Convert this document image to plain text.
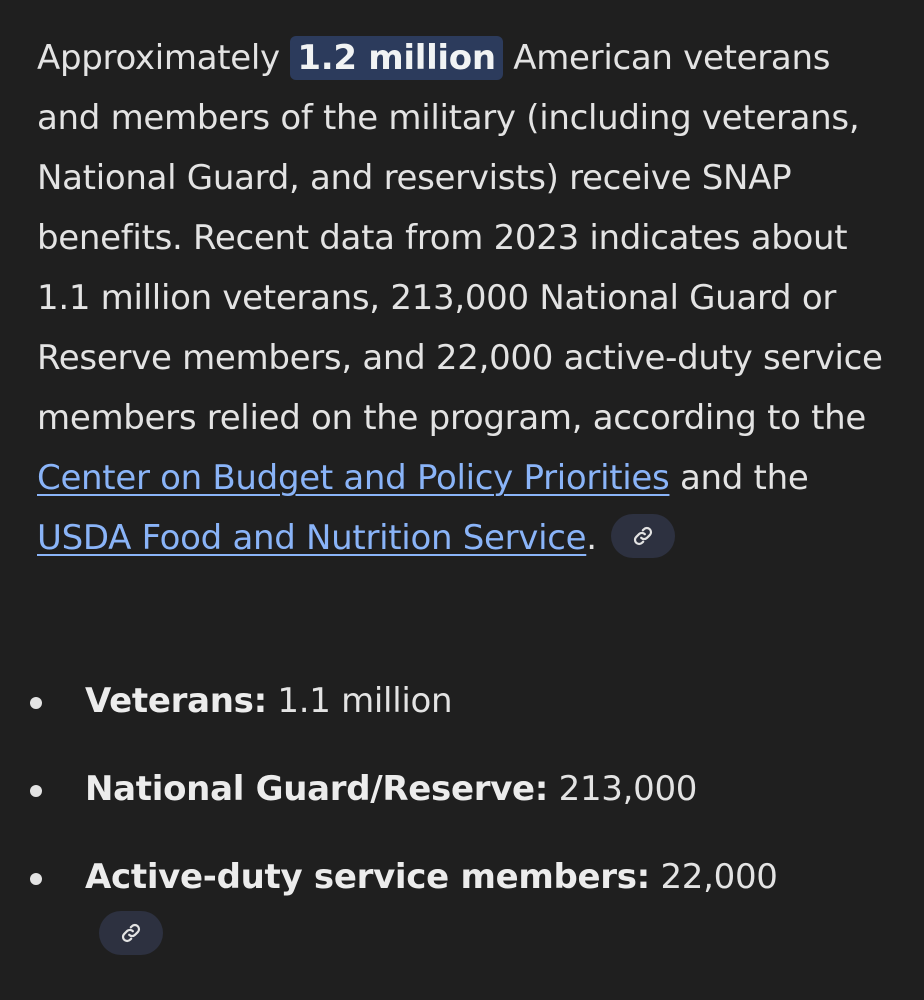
Approximately 1.2 million American veterans and members of the military (including veterans, National Guard, and reservists) receive SNAP benefits. Recent data from 2023 indicates about 1.1 million veterans, 213,000 National Guard or Reserve members, and 22,000 active-duty service members relied on the program, according to the Center on Budget and Policy Priorities and the USDA Food and Nutrition Service.

Veterans: 1.1 million
National Guard/Reserve: 213,000
Active-duty service members: 22,000
